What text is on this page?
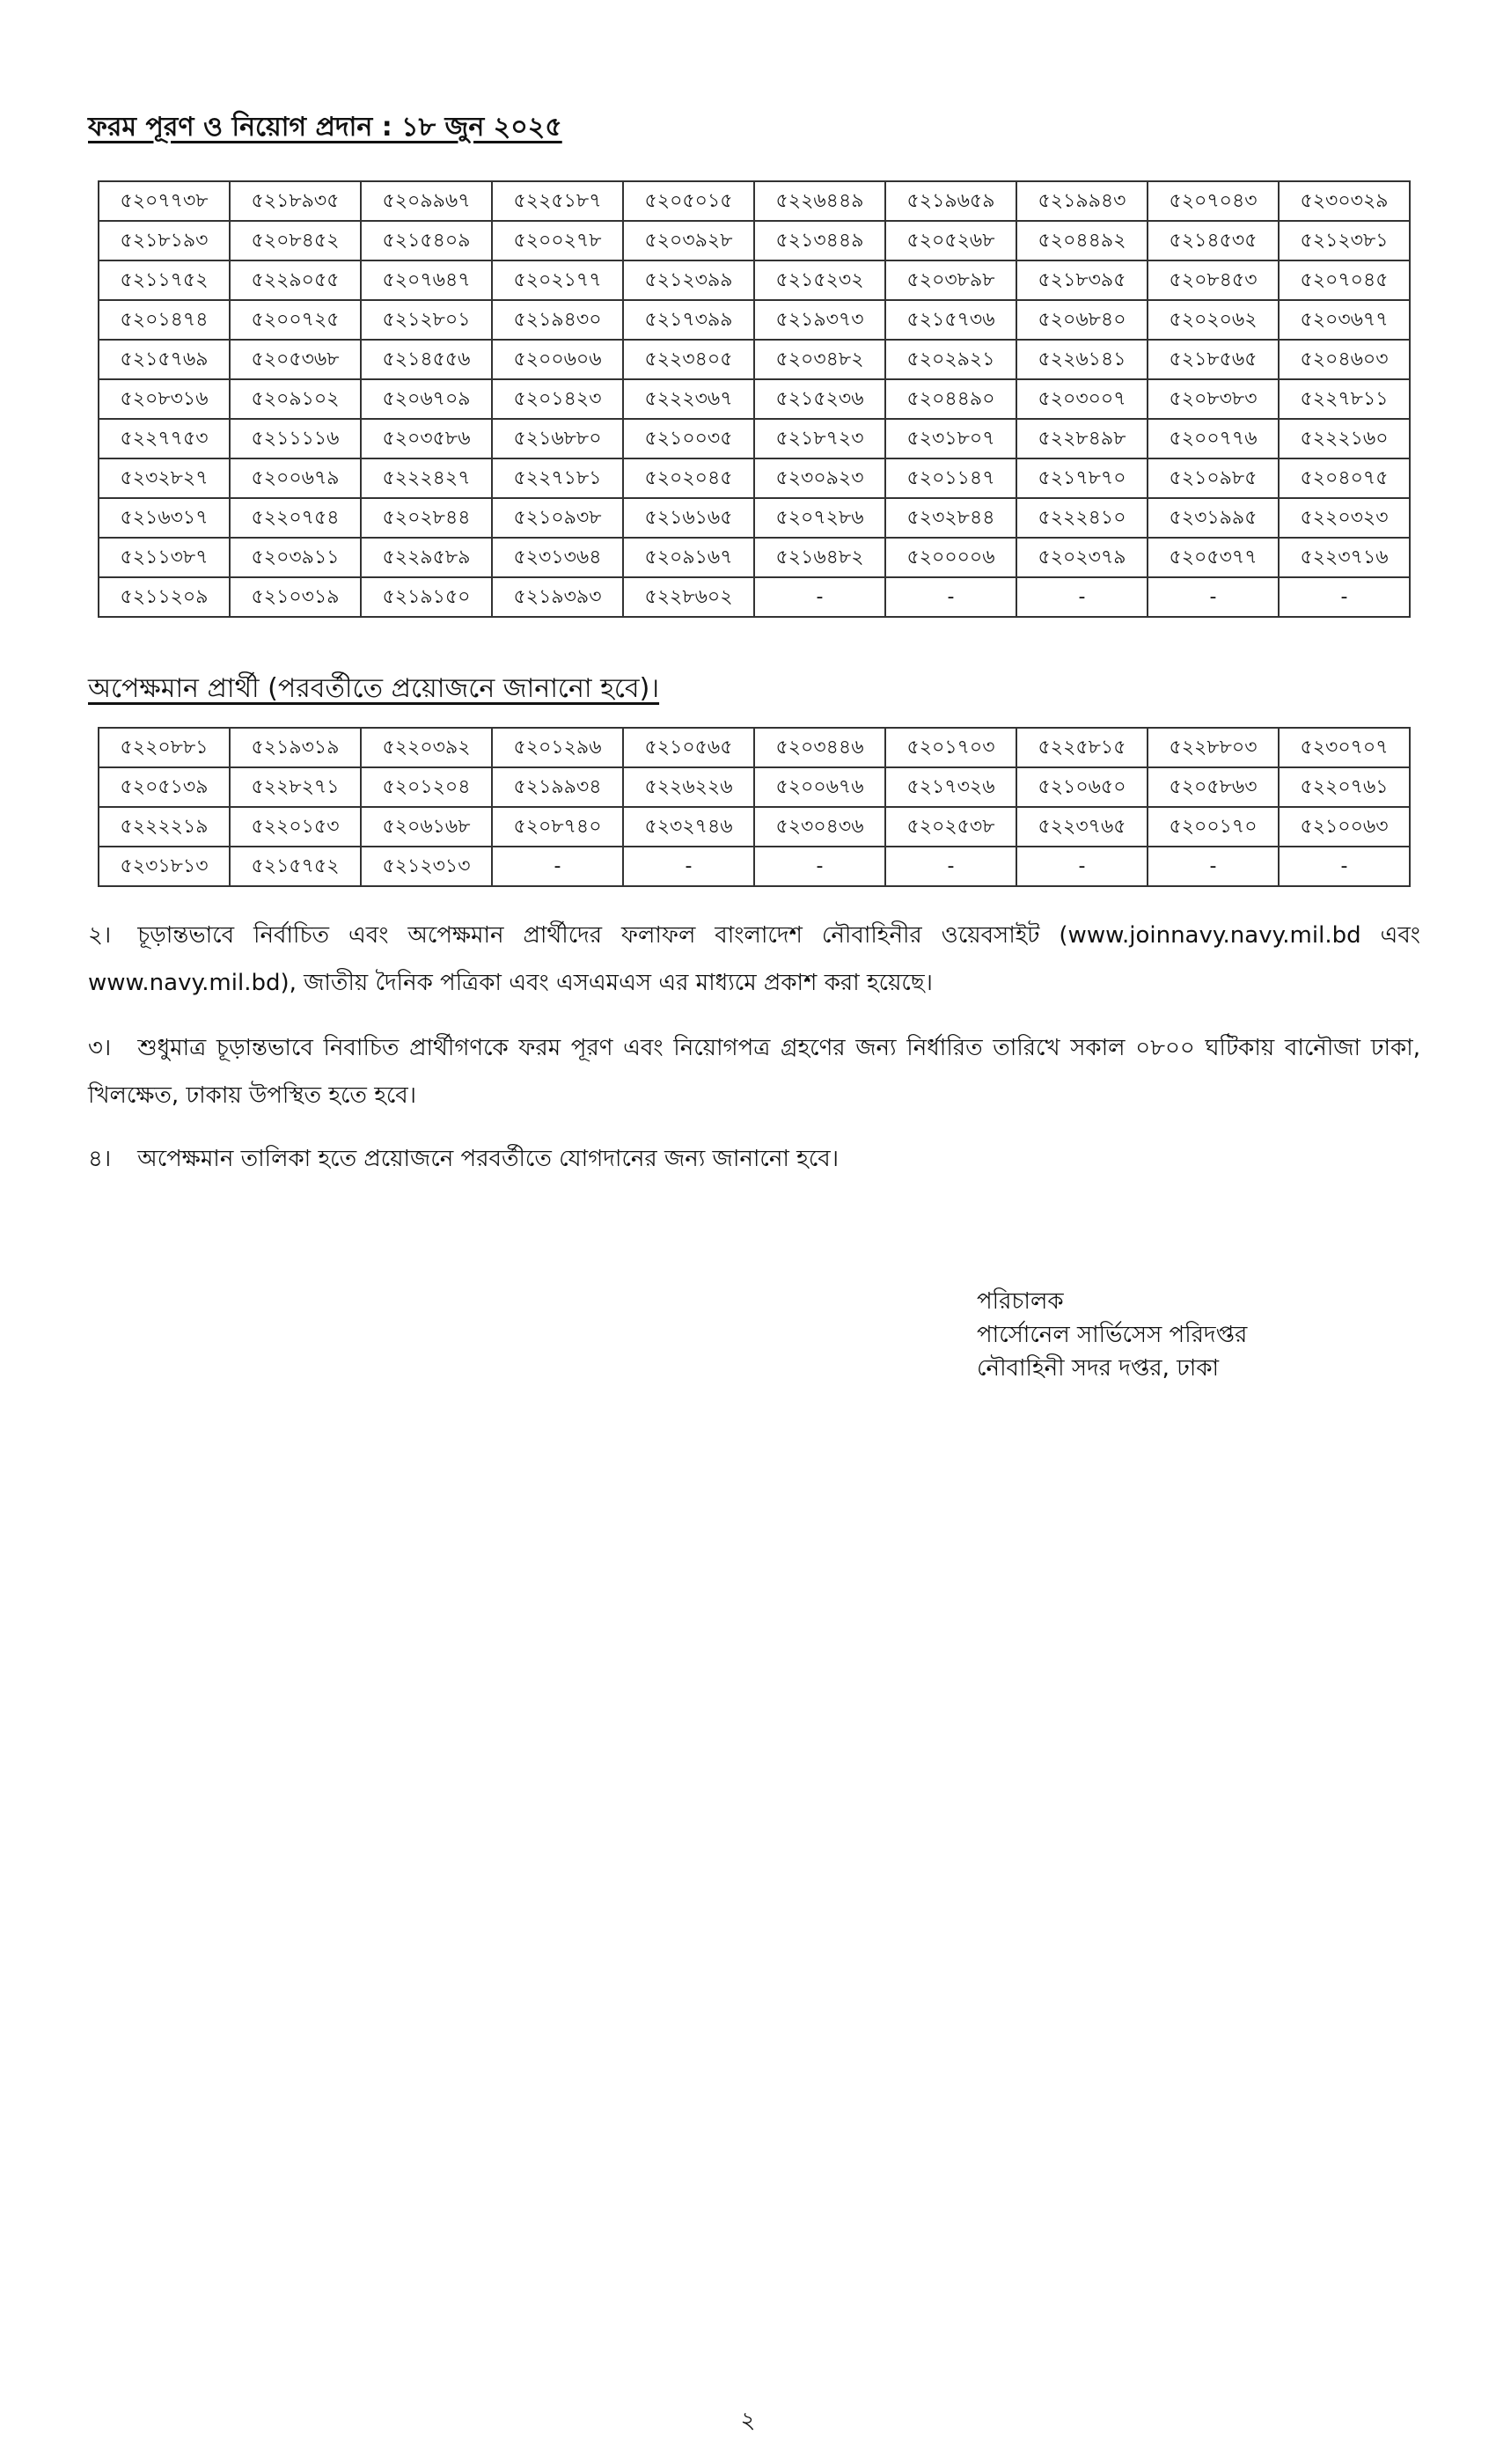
ফরম পূরণ ও নিয়োগ প্রদান : ১৮ জুন ২০২৫
৫২০৭৭৩৮	৫২১৮৯৩৫	৫২০৯৯৬৭	৫২২৫১৮৭	৫২০৫০১৫	৫২২৬৪৪৯	৫২১৯৬৫৯	৫২১৯৯৪৩	৫২০৭০৪৩	৫২৩০৩২৯
৫২১৮১৯৩	৫২০৮৪৫২	৫২১৫৪০৯	৫২০০২৭৮	৫২০৩৯২৮	৫২১৩৪৪৯	৫২০৫২৬৮	৫২০৪৪৯২	৫২১৪৫৩৫	৫২১২৩৮১
৫২১১৭৫২	৫২২৯০৫৫	৫২০৭৬৪৭	৫২০২১৭৭	৫২১২৩৯৯	৫২১৫২৩২	৫২০৩৮৯৮	৫২১৮৩৯৫	৫২০৮৪৫৩	৫২০৭০৪৫
৫২০১৪৭৪	৫২০০৭২৫	৫২১২৮০১	৫২১৯৪৩০	৫২১৭৩৯৯	৫২১৯৩৭৩	৫২১৫৭৩৬	৫২০৬৮৪০	৫২০২০৬২	৫২০৩৬৭৭
৫২১৫৭৬৯	৫২০৫৩৬৮	৫২১৪৫৫৬	৫২০০৬০৬	৫২২৩৪০৫	৫২০৩৪৮২	৫২০২৯২১	৫২২৬১৪১	৫২১৮৫৬৫	৫২০৪৬০৩
৫২০৮৩১৬	৫২০৯১০২	৫২০৬৭০৯	৫২০১৪২৩	৫২২২৩৬৭	৫২১৫২৩৬	৫২০৪৪৯০	৫২০৩০০৭	৫২০৮৩৮৩	৫২২৭৮১১
৫২২৭৭৫৩	৫২১১১১৬	৫২০৩৫৮৬	৫২১৬৮৮০	৫২১০০৩৫	৫২১৮৭২৩	৫২৩১৮০৭	৫২২৮৪৯৮	৫২০০৭৭৬	৫২২২১৬০
৫২৩২৮২৭	৫২০০৬৭৯	৫২২২৪২৭	৫২২৭১৮১	৫২০২০৪৫	৫২৩০৯২৩	৫২০১১৪৭	৫২১৭৮৭০	৫২১০৯৮৫	৫২০৪০৭৫
৫২১৬৩১৭	৫২২০৭৫৪	৫২০২৮৪৪	৫২১০৯৩৮	৫২১৬১৬৫	৫২০৭২৮৬	৫২৩২৮৪৪	৫২২২৪১০	৫২৩১৯৯৫	৫২২০৩২৩
৫২১১৩৮৭	৫২০৩৯১১	৫২২৯৫৮৯	৫২৩১৩৬৪	৫২০৯১৬৭	৫২১৬৪৮২	৫২০০০০৬	৫২০২৩৭৯	৫২০৫৩৭৭	৫২২৩৭১৬
৫২১১২০৯	৫২১০৩১৯	৫২১৯১৫০	৫২১৯৩৯৩	৫২২৮৬০২	-	-	-	-	-
অপেক্ষমান প্রার্থী (পরবর্তীতে প্রয়োজনে জানানো হবে)।
৫২২০৮৮১	৫২১৯৩১৯	৫২২০৩৯২	৫২০১২৯৬	৫২১০৫৬৫	৫২০৩৪৪৬	৫২০১৭০৩	৫২২৫৮১৫	৫২২৮৮০৩	৫২৩০৭০৭
৫২০৫১৩৯	৫২২৮২৭১	৫২০১২০৪	৫২১৯৯৩৪	৫২২৬২২৬	৫২০০৬৭৬	৫২১৭৩২৬	৫২১০৬৫০	৫২০৫৮৬৩	৫২২০৭৬১
৫২২২২১৯	৫২২০১৫৩	৫২০৬১৬৮	৫২০৮৭৪০	৫২৩২৭৪৬	৫২৩০৪৩৬	৫২০২৫৩৮	৫২২৩৭৬৫	৫২০০১৭০	৫২১০০৬৩
৫২৩১৮১৩	৫২১৫৭৫২	৫২১২৩১৩	-	-	-	-	-	-	-
২। চূড়ান্তভাবে নির্বাচিত এবং অপেক্ষমান প্রার্থীদের ফলাফল বাংলাদেশ নৌবাহিনীর ওয়েবসাইট (www.joinnavy.navy.mil.bd এবং www.navy.mil.bd), জাতীয় দৈনিক পত্রিকা এবং এসএমএস এর মাধ্যমে প্রকাশ করা হয়েছে।
৩। শুধুমাত্র চূড়ান্তভাবে নিবাচিত প্রার্থীগণকে ফরম পূরণ এবং নিয়োগপত্র গ্রহণের জন্য নির্ধারিত তারিখে সকাল ০৮০০ ঘটিকায় বানৌজা ঢাকা, খিলক্ষেত, ঢাকায় উপস্থিত হতে হবে।
৪। অপেক্ষমান তালিকা হতে প্রয়োজনে পরবর্তীতে যোগদানের জন্য জানানো হবে।
পরিচালক
পার্সোনেল সার্ভিসেস পরিদপ্তর
নৌবাহিনী সদর দপ্তর, ঢাকা
২
